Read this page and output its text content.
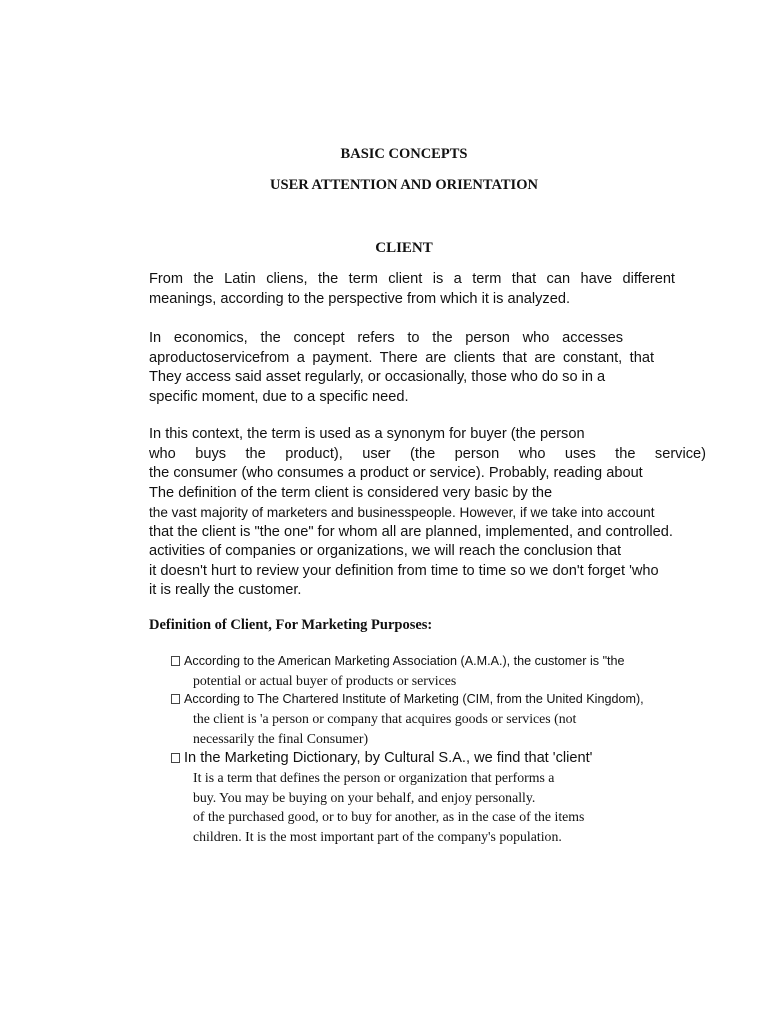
BASIC CONCEPTS
USER ATTENTION AND ORIENTATION
CLIENT
From the Latin cliens, the term client is a term that can have different
meanings, according to the perspective from which it is analyzed.
In economics, the concept refers to the person who accesses
aproductoservicefrom a payment. There are clients that are constant, that
They access said asset regularly, or occasionally, those who do so in a
specific moment, due to a specific need.
In this context, the term is used as a synonym for buyer (the person
who buys the product), user (the person who uses the service)
the consumer (who consumes a product or service). Probably, reading about
The definition of the term client is considered very basic by the
the vast majority of marketers and businesspeople. However, if we take into account
that the client is "the one" for whom all are planned, implemented, and controlled.
activities of companies or organizations, we will reach the conclusion that
it doesn't hurt to review your definition from time to time so we don't forget 'who
it is really the customer.
Definition of Client, For Marketing Purposes:
According to the American Marketing Association (A.M.A.), the customer is "the
potential or actual buyer of products or services
According to The Chartered Institute of Marketing (CIM, from the United Kingdom),
the client is 'a person or company that acquires goods or services (not
necessarily the final Consumer)
In the Marketing Dictionary, by Cultural S.A., we find that 'client'
It is a term that defines the person or organization that performs a
buy. You may be buying on your behalf, and enjoy personally.
of the purchased good, or to buy for another, as in the case of the items
children. It is the most important part of the company's population.
